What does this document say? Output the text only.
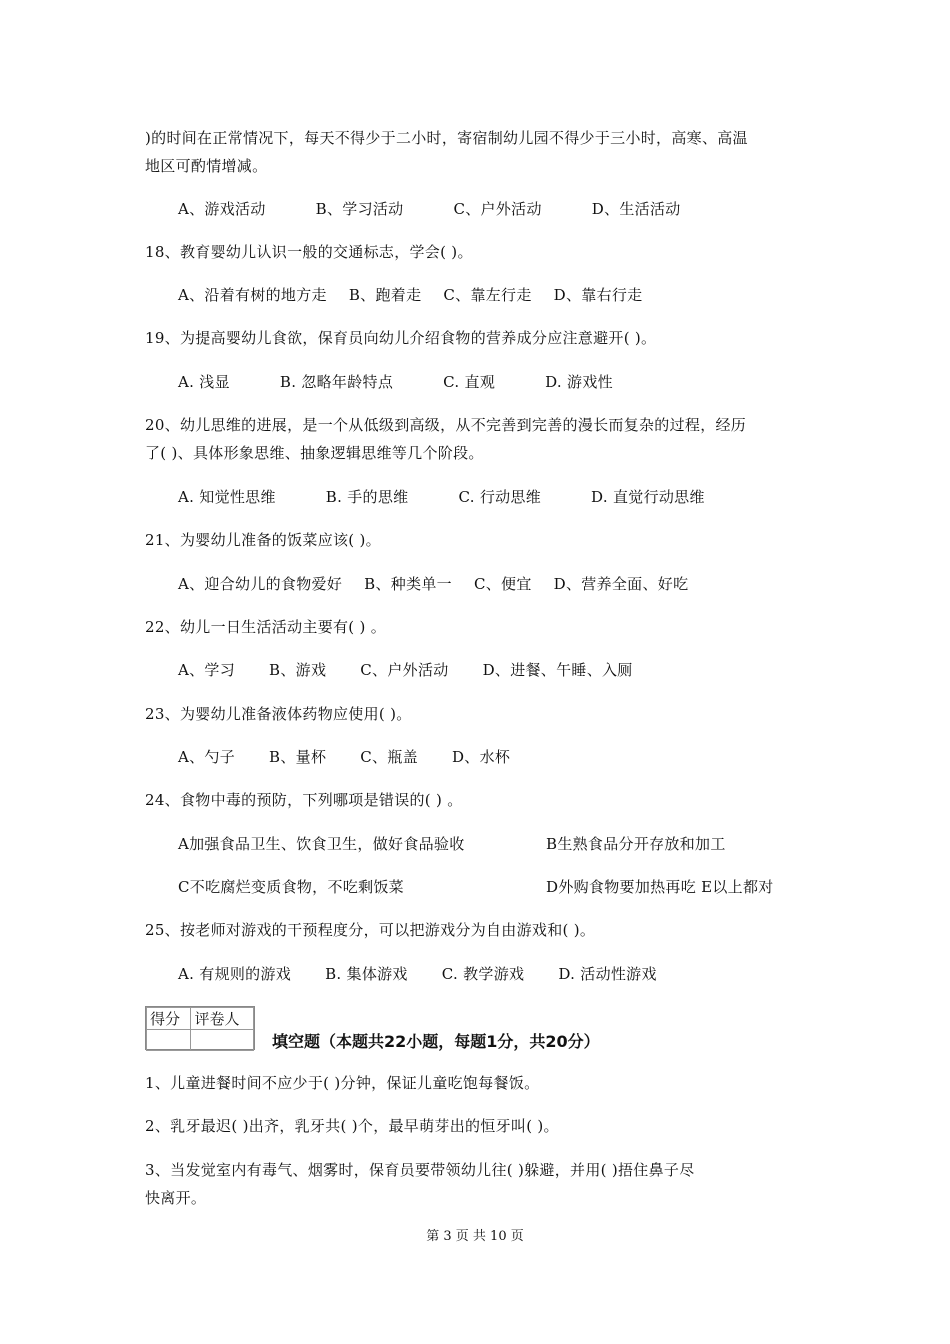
)的时间在正常情况下，每天不得少于二小时，寄宿制幼儿园不得少于三小时，高寒、高温
地区可酌情增减。
A、游戏活动	B、学习活动	C、户外活动	D、生活活动
18、教育婴幼儿认识一般的交通标志，学会( )。
A、沿着有树的地方走 B、跑着走 C、靠左行走 D、靠右行走
19、为提高婴幼儿食欲，保育员向幼儿介绍食物的营养成分应注意避开( )。
A. 浅显	B. 忽略年龄特点	C. 直观	D. 游戏性
20、幼儿思维的进展，是一个从低级到高级，从不完善到完善的漫长而复杂的过程，经历
了( )、具体形象思维、抽象逻辑思维等几个阶段。
A. 知觉性思维	B. 手的思维	C. 行动思维	D. 直觉行动思维
21、为婴幼儿准备的饭菜应该( )。
A、迎合幼儿的食物爱好 B、种类单一 C、便宜 D、营养全面、好吃
22、幼儿一日生活活动主要有( ) 。
A、学习 B、游戏 C、户外活动 D、进餐、午睡、入厕
23、为婴幼儿准备液体药物应使用( )。
A、勺子 B、量杯 C、瓶盖 D、水杯
24、食物中毒的预防，下列哪项是错误的( ) 。
A加强食品卫生、饮食卫生，做好食品验收	B生熟食品分开存放和加工
C不吃腐烂变质食物，不吃剩饭菜	D外购食物要加热再吃 E以上都对
25、按老师对游戏的干预程度分，可以把游戏分为自由游戏和( )。
A. 有规则的游戏 B. 集体游戏 C. 教学游戏 D. 活动性游戏
得分	评卷人

填空题（本题共22小题，每题1分，共20分）
1、儿童进餐时间不应少于( )分钟，保证儿童吃饱每餐饭。
2、乳牙最迟( )出齐，乳牙共( )个，最早萌芽出的恒牙叫( )。
3、当发觉室内有毒气、烟雾时，保育员要带领幼儿往( )躲避，并用( )捂住鼻子尽
快离开。
第 3 页 共 10 页
